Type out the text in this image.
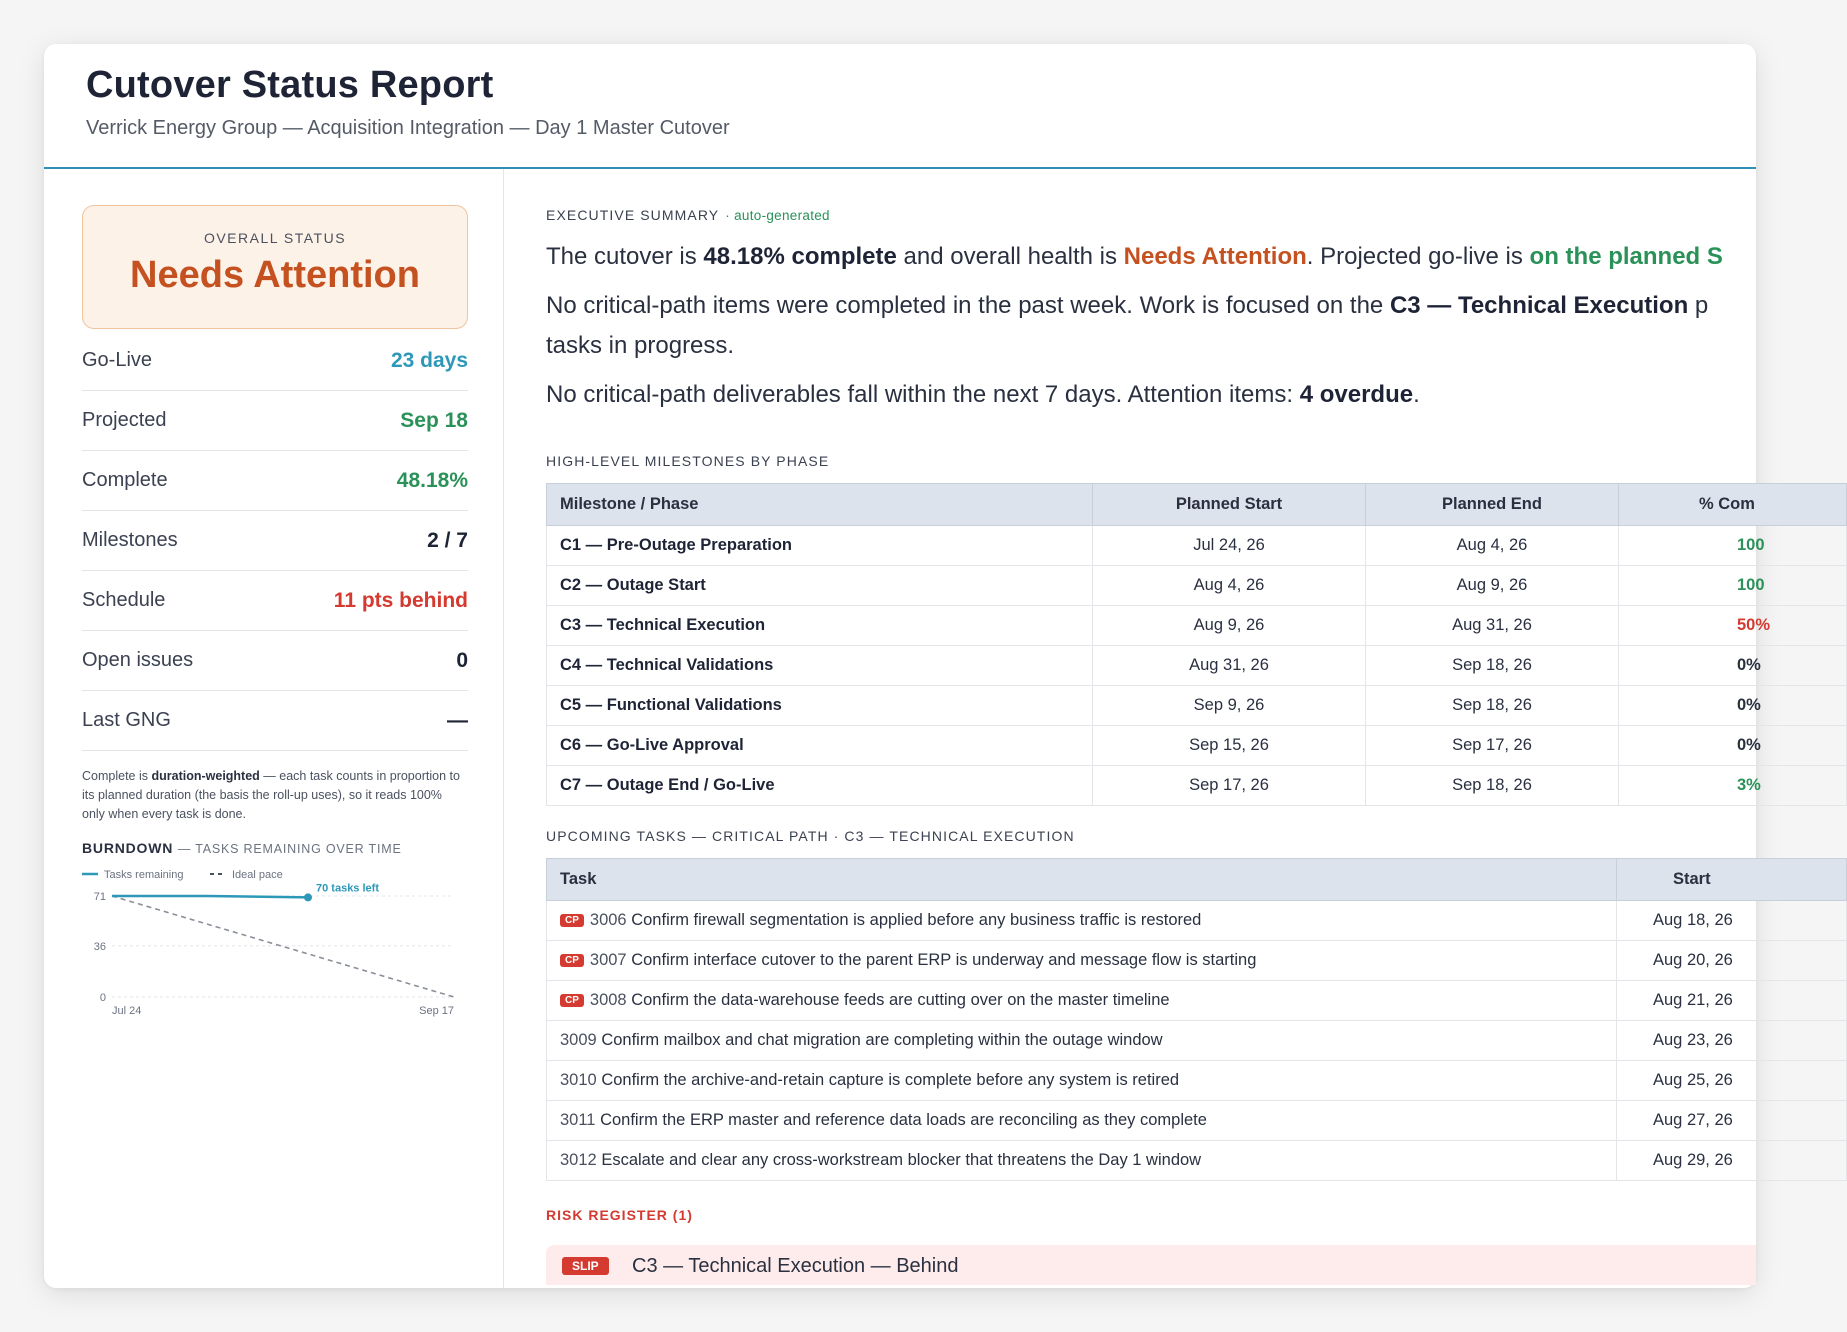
Cutover Status Report
Verrick Energy Group — Acquisition Integration — Day 1 Master Cutover
OVERALL STATUS
Needs Attention
Go-Live	23 days
Projected	Sep 18
Complete	48.18%
Milestones	2 / 7
Schedule	11 pts behind
Open issues	0
Last GNG	—
Complete is duration-weighted — each task counts in proportion to its planned duration (the basis the roll-up uses), so it reads 100% only when every task is done.
BURNDOWN — TASKS REMAINING OVER TIME
Tasks remaining	Ideal pace
71
36
0
Jul 24	Sep 17
70 tasks left
EXECUTIVE SUMMARY · auto-generated

The cutover is 48.18% complete and overall health is Needs Attention. Projected go-live is on the planned S

No critical-path items were completed in the past week. Work is focused on the C3 — Technical Execution p

tasks in progress.

No critical-path deliverables fall within the next 7 days. Attention items: 4 overdue.

HIGH-LEVEL MILESTONES BY PHASE
Milestone / Phase	Planned Start	Planned End	% Com
C1 — Pre-Outage Preparation	Jul 24, 26	Aug 4, 26	100
C2 — Outage Start	Aug 4, 26	Aug 9, 26	100
C3 — Technical Execution	Aug 9, 26	Aug 31, 26	50%
C4 — Technical Validations	Aug 31, 26	Sep 18, 26	0%
C5 — Functional Validations	Sep 9, 26	Sep 18, 26	0%
C6 — Go-Live Approval	Sep 15, 26	Sep 17, 26	0%
C7 — Outage End / Go-Live	Sep 17, 26	Sep 18, 26	3%
UPCOMING TASKS — CRITICAL PATH · C3 — TECHNICAL EXECUTION
Task	Start
CP 3006 Confirm firewall segmentation is applied before any business traffic is restored	Aug 18, 26
CP 3007 Confirm interface cutover to the parent ERP is underway and message flow is starting	Aug 20, 26
CP 3008 Confirm the data-warehouse feeds are cutting over on the master timeline	Aug 21, 26
3009 Confirm mailbox and chat migration are completing within the outage window	Aug 23, 26
3010 Confirm the archive-and-retain capture is complete before any system is retired	Aug 25, 26
3011 Confirm the ERP master and reference data loads are reconciling as they complete	Aug 27, 26
3012 Escalate and clear any cross-workstream blocker that threatens the Day 1 window	Aug 29, 26
RISK REGISTER (1)
SLIP	C3 — Technical Execution — Behind
